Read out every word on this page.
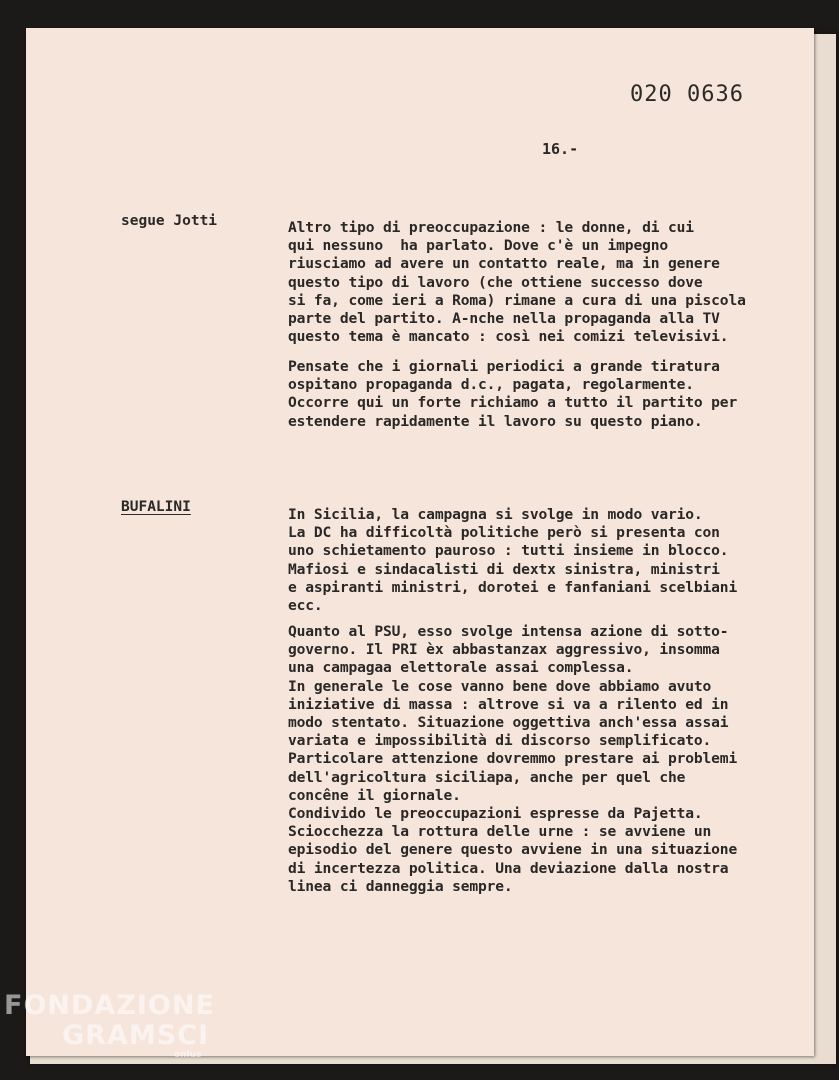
020 0636
16.-
segue Jotti	Altro tipo di preoccupazione : le donne, di cui
qui nessuno  ha parlato. Dove c'è un impegno
riusciamo ad avere un contatto reale, ma in genere
questo tipo di lavoro (che ottiene successo dove
si fa, come ieri a Roma) rimane a cura di una piscola
parte del partito. A-nche nella propaganda alla TV
questo tema è mancato : così nei comizi televisivi.
Pensate che i giornali periodici a grande tiratura
ospitano propaganda d.c., pagata, regolarmente.
Occorre qui un forte richiamo a tutto il partito per
estendere rapidamente il lavoro su questo piano.
BUFALINI	In Sicilia, la campagna si svolge in modo vario.
La DC ha difficoltà politiche però si presenta con
uno schietamento pauroso : tutti insieme in blocco.
Mafiosi e sindacalisti di dextx sinistra, ministri
e aspiranti ministri, dorotei e fanfaniani scelbiani
ecc.
Quanto al PSU, esso svolge intensa azione di sotto-
governo. Il PRI èx abbastanzax aggressivo, insomma
una campagaa elettorale assai complessa.
In generale le cose vanno bene dove abbiamo avuto
iniziative di massa : altrove si va a rilento ed in
modo stentato. Situazione oggettiva anch'essa assai
variata e impossibilità di discorso semplificato.
Particolare attenzione dovremmo prestare ai problemi
dell'agricoltura siciliapa, anche per quel che
concêne il giornale.
Condivido le preoccupazioni espresse da Pajetta.
Sciocchezza la rottura delle urne : se avviene un
episodio del genere questo avviene in una situazione
di incertezza politica. Una deviazione dalla nostra
linea ci danneggia sempre.
FONDAZIONE
GRAMSCI
onlus
